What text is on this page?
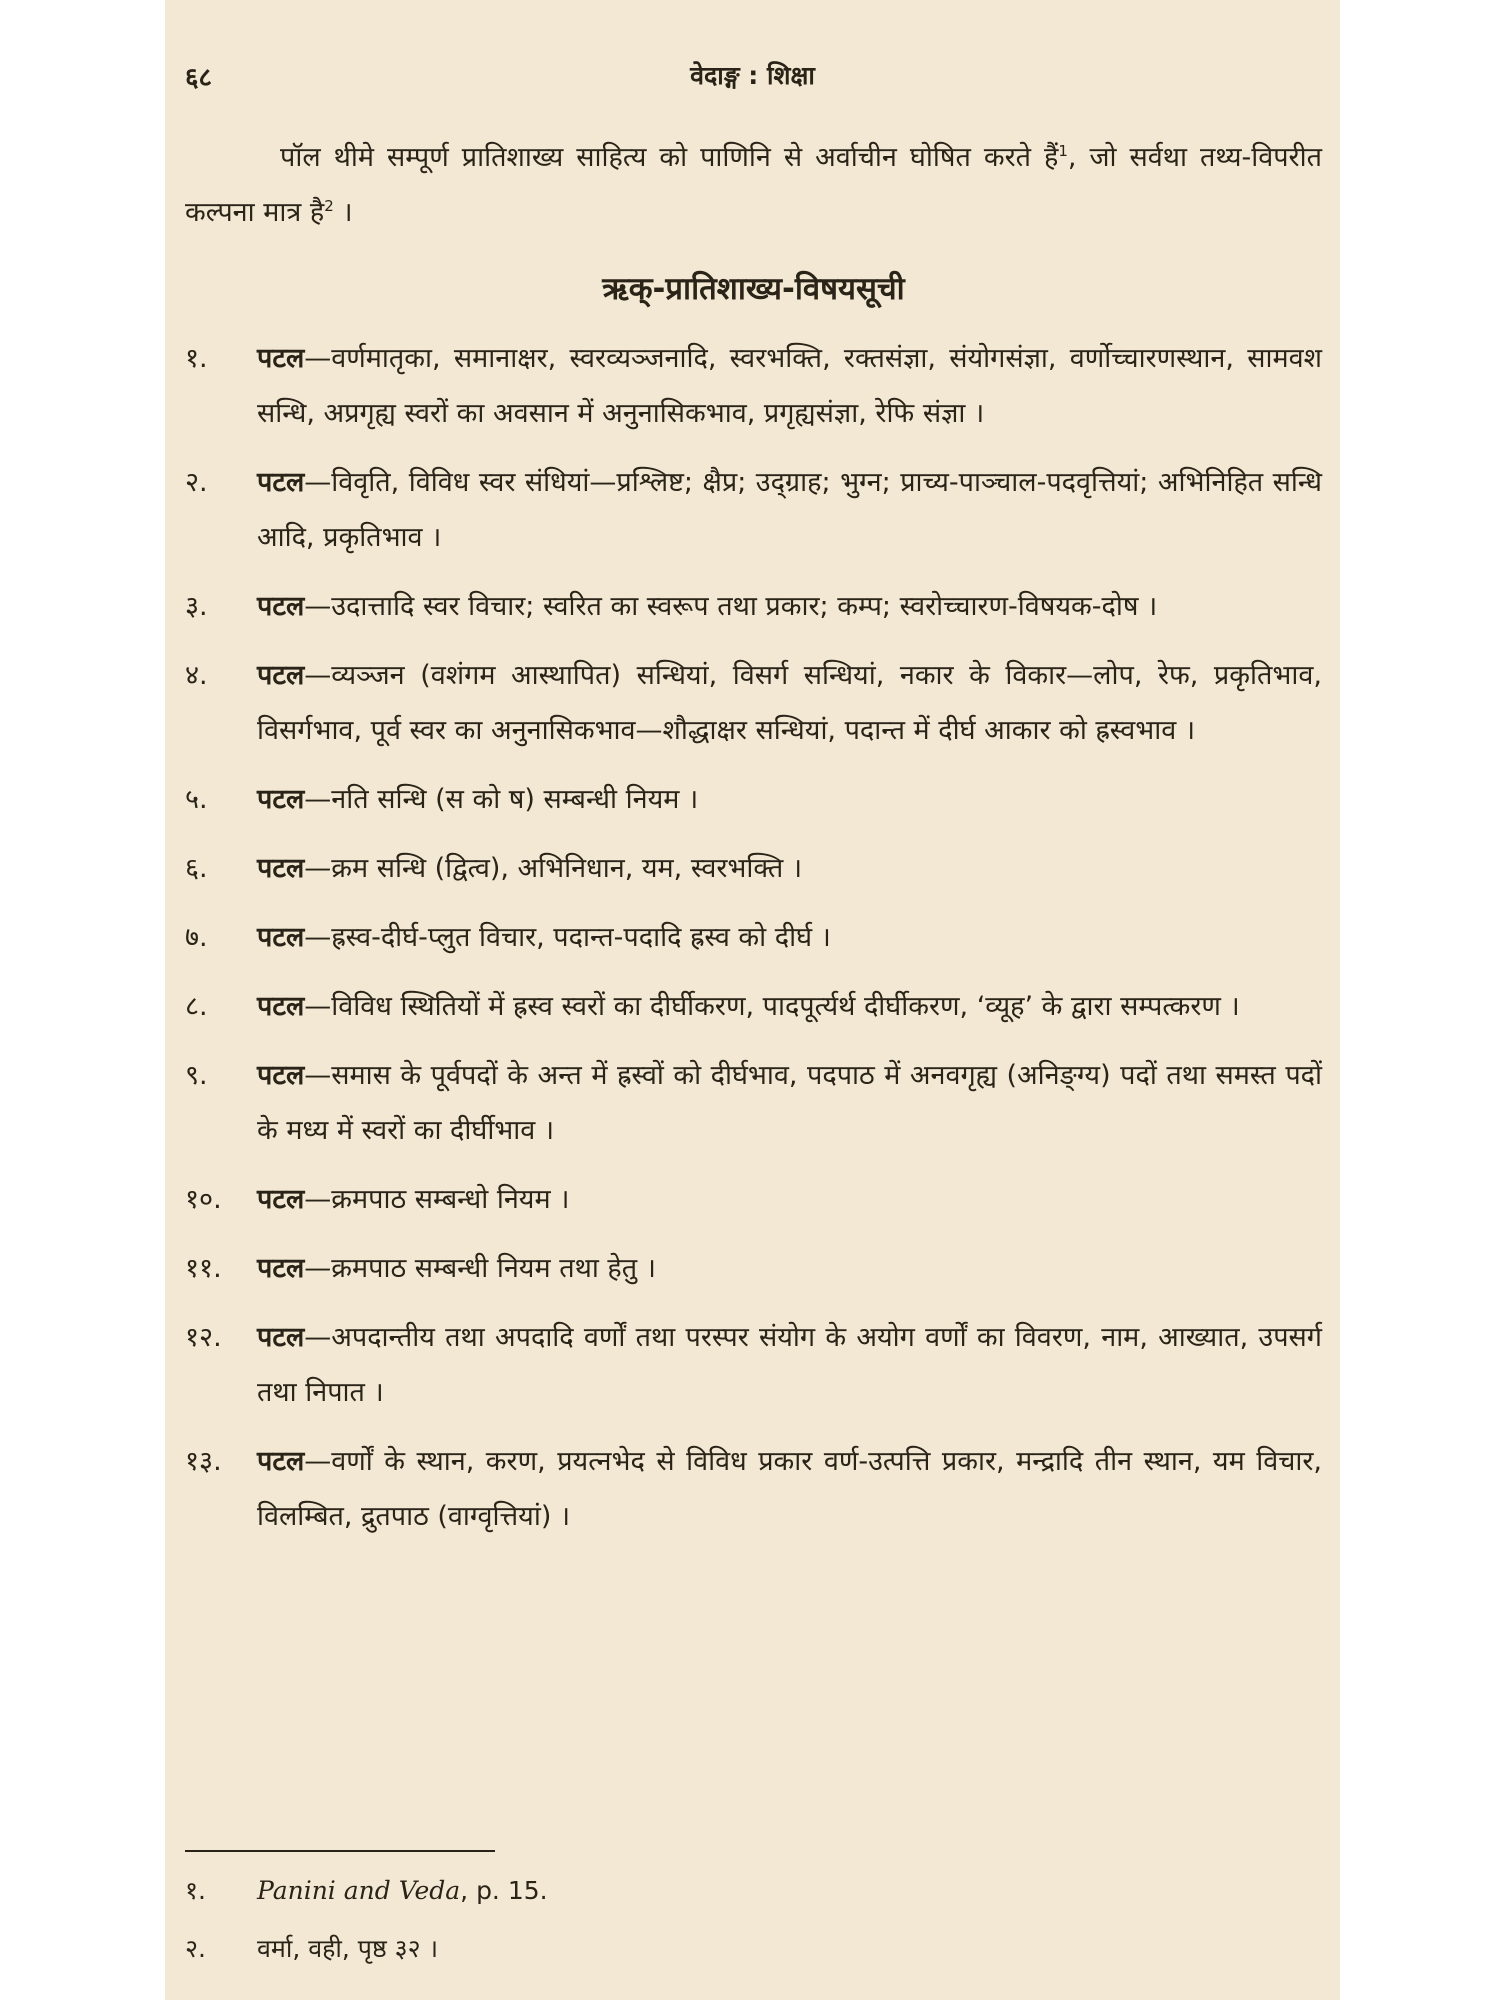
६८	वेदाङ्ग : शिक्षा

पॉल थीमे सम्पूर्ण प्रातिशाख्य साहित्य को पाणिनि से अर्वाचीन घोषित करते हैं$^1$, जो सर्वथा तथ्य-विपरीत कल्पना मात्र है$^2$ ।

ऋक्-प्रातिशाख्य-विषयसूची
१.	पटल—वर्णमातृका, समानाक्षर, स्वरव्यञ्जनादि, स्वरभक्ति, रक्तसंज्ञा, संयोगसंज्ञा, वर्णोच्चारणस्थान, सामवश सन्धि, अप्रगृह्य स्वरों का अवसान में अनुनासिकभाव, प्रगृह्यसंज्ञा, रेफि संज्ञा ।
२.	पटल—विवृति, विविध स्वर संधियां—प्रश्लिष्ट; क्षैप्र; उद्ग्राह; भुग्न; प्राच्य-पाञ्चाल-पदवृत्तियां; अभिनिहित सन्धि आदि, प्रकृतिभाव ।
३.	पटल—उदात्तादि स्वर विचार; स्वरित का स्वरूप तथा प्रकार; कम्प; स्वरोच्चारण-विषयक-दोष ।
४.	पटल—व्यञ्जन (वशंगम आस्थापित) सन्धियां, विसर्ग सन्धियां, नकार के विकार—लोप, रेफ, प्रकृतिभाव, विसर्गभाव, पूर्व स्वर का अनुनासिकभाव—शौद्धाक्षर सन्धियां, पदान्त में दीर्घ आकार को ह्रस्वभाव ।
५.	पटल—नति सन्धि (स को ष) सम्बन्धी नियम ।
६.	पटल—क्रम सन्धि (द्वित्व), अभिनिधान, यम, स्वरभक्ति ।
७.	पटल—ह्रस्व-दीर्घ-प्लुत विचार, पदान्त-पदादि ह्रस्व को दीर्घ ।
८.	पटल—विविध स्थितियों में ह्रस्व स्वरों का दीर्घीकरण, पादपूर्त्यर्थ दीर्घीकरण, ‘व्यूह’ के द्वारा सम्पत्करण ।
९.	पटल—समास के पूर्वपदों के अन्त में ह्रस्वों को दीर्घभाव, पदपाठ में अनवगृह्य (अनिङ्ग्य) पदों तथा समस्त पदों के मध्य में स्वरों का दीर्घीभाव ।
१०.	पटल—क्रमपाठ सम्बन्धो नियम ।
११.	पटल—क्रमपाठ सम्बन्धी नियम तथा हेतु ।
१२.	पटल—अपदान्तीय तथा अपदादि वर्णों तथा परस्पर संयोग के अयोग वर्णों का विवरण, नाम, आख्यात, उपसर्ग तथा निपात ।
१३.	पटल—वर्णों के स्थान, करण, प्रयत्नभेद से विविध प्रकार वर्ण-उत्पत्ति प्रकार, मन्द्रादि तीन स्थान, यम विचार, विलम्बित, द्रुतपाठ (वाग्वृत्तियां) ।
१.	Panini and Veda, p. 15.
२.	वर्मा, वही, पृष्ठ ३२ ।
